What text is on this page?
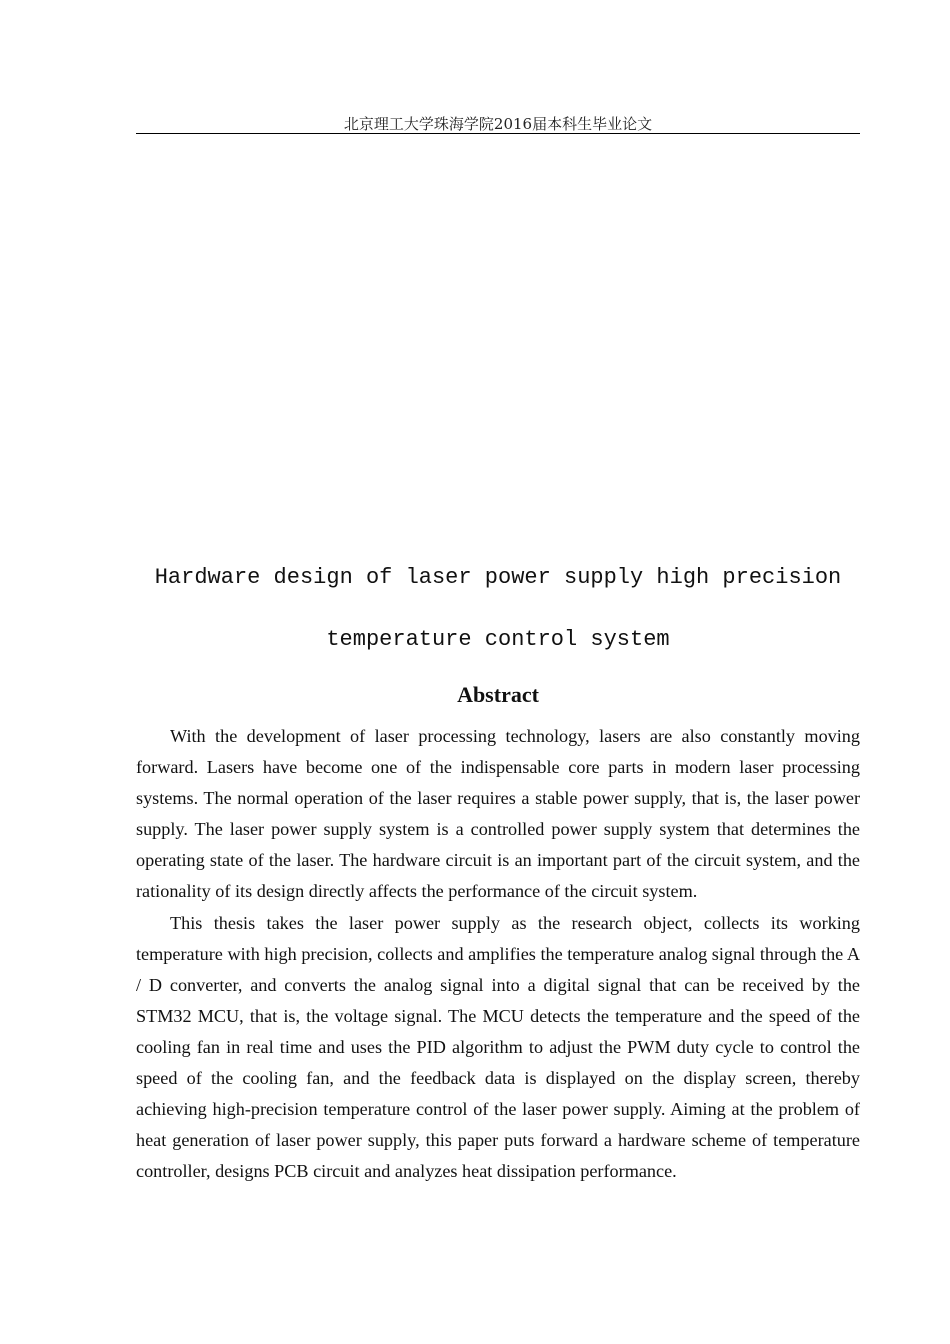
北京理工大学珠海学院2016届本科生毕业论文
Hardware design of laser power supply high precision
temperature control system
Abstract

With the development of laser processing technology, lasers are also constantly moving forward. Lasers have become one of the indispensable core parts in modern laser processing systems. The normal operation of the laser requires a stable power supply, that is, the laser power supply. The laser power supply system is a controlled power supply system that determines the operating state of the laser. The hardware circuit is an important part of the circuit system, and the rationality of its design directly affects the performance of the circuit system.

This thesis takes the laser power supply as the research object, collects its working temperature with high precision, collects and amplifies the temperature analog signal through the A / D converter, and converts the analog signal into a digital signal that can be received by the STM32 MCU, that is, the voltage signal. The MCU detects the temperature and the speed of the cooling fan in real time and uses the PID algorithm to adjust the PWM duty cycle to control the speed of the cooling fan, and the feedback data is displayed on the display screen, thereby achieving high-precision temperature control of the laser power supply. Aiming at the problem of heat generation of laser power supply, this paper puts forward a hardware scheme of temperature controller, designs PCB circuit and analyzes heat dissipation performance.
